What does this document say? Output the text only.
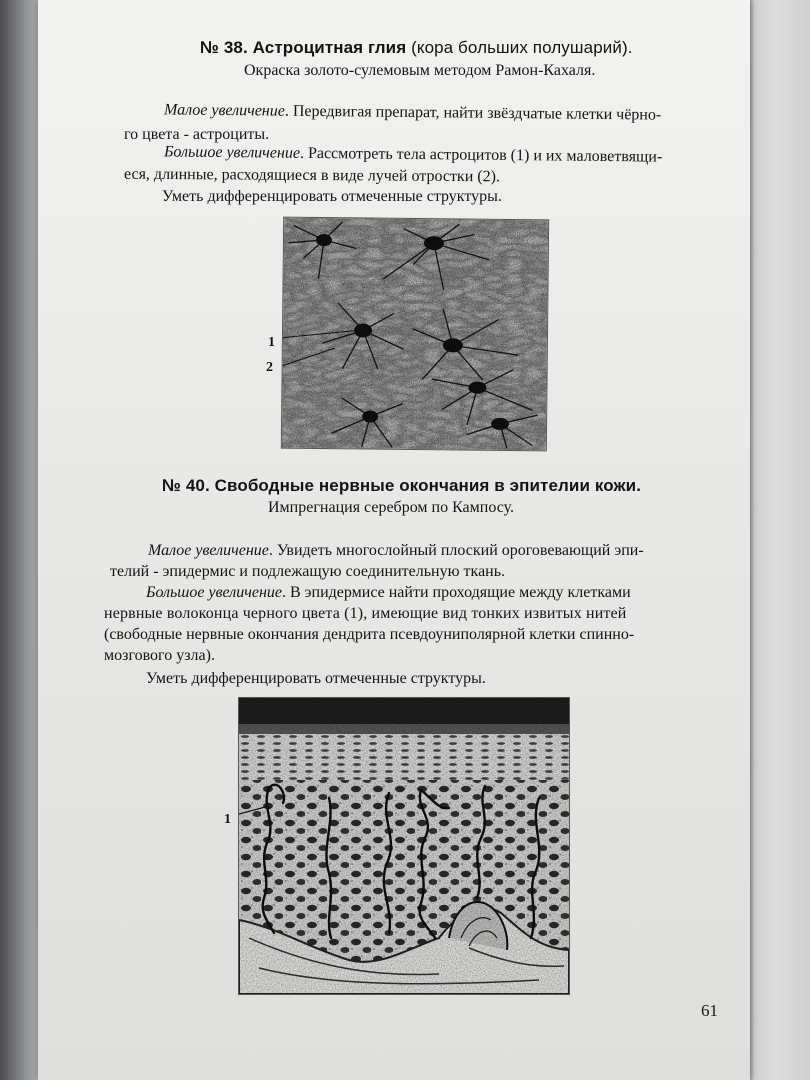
№ 38. Астроцитная глия (кора больших полушарий).
Окраска золото-сулемовым методом Рамон-Кахаля.
Малое увеличение. Передвигая препарат, найти звёздчатые клетки чёрно-
го цвета - астроциты.
Большое увеличение. Рассмотреть тела астроцитов (1) и их маловетвящи-
еся, длинные, расходящиеся в виде лучей отростки (2).
Уметь дифференцировать отмеченные структуры.
1
2
№ 40. Свободные нервные окончания в эпителии кожи.
Импрегнация серебром по Кампосу.
Малое увеличение. Увидеть многослойный плоский ороговевающий эпи-
телий - эпидермис и подлежащую соединительную ткань.
Большое увеличение. В эпидермисе найти проходящие между клетками
нервные волоконца черного цвета (1), имеющие вид тонких извитых нитей
(свободные нервные окончания дендрита псевдоуниполярной клетки спинно-
мозгового узла).
Уметь дифференцировать отмеченные структуры.
1
61
